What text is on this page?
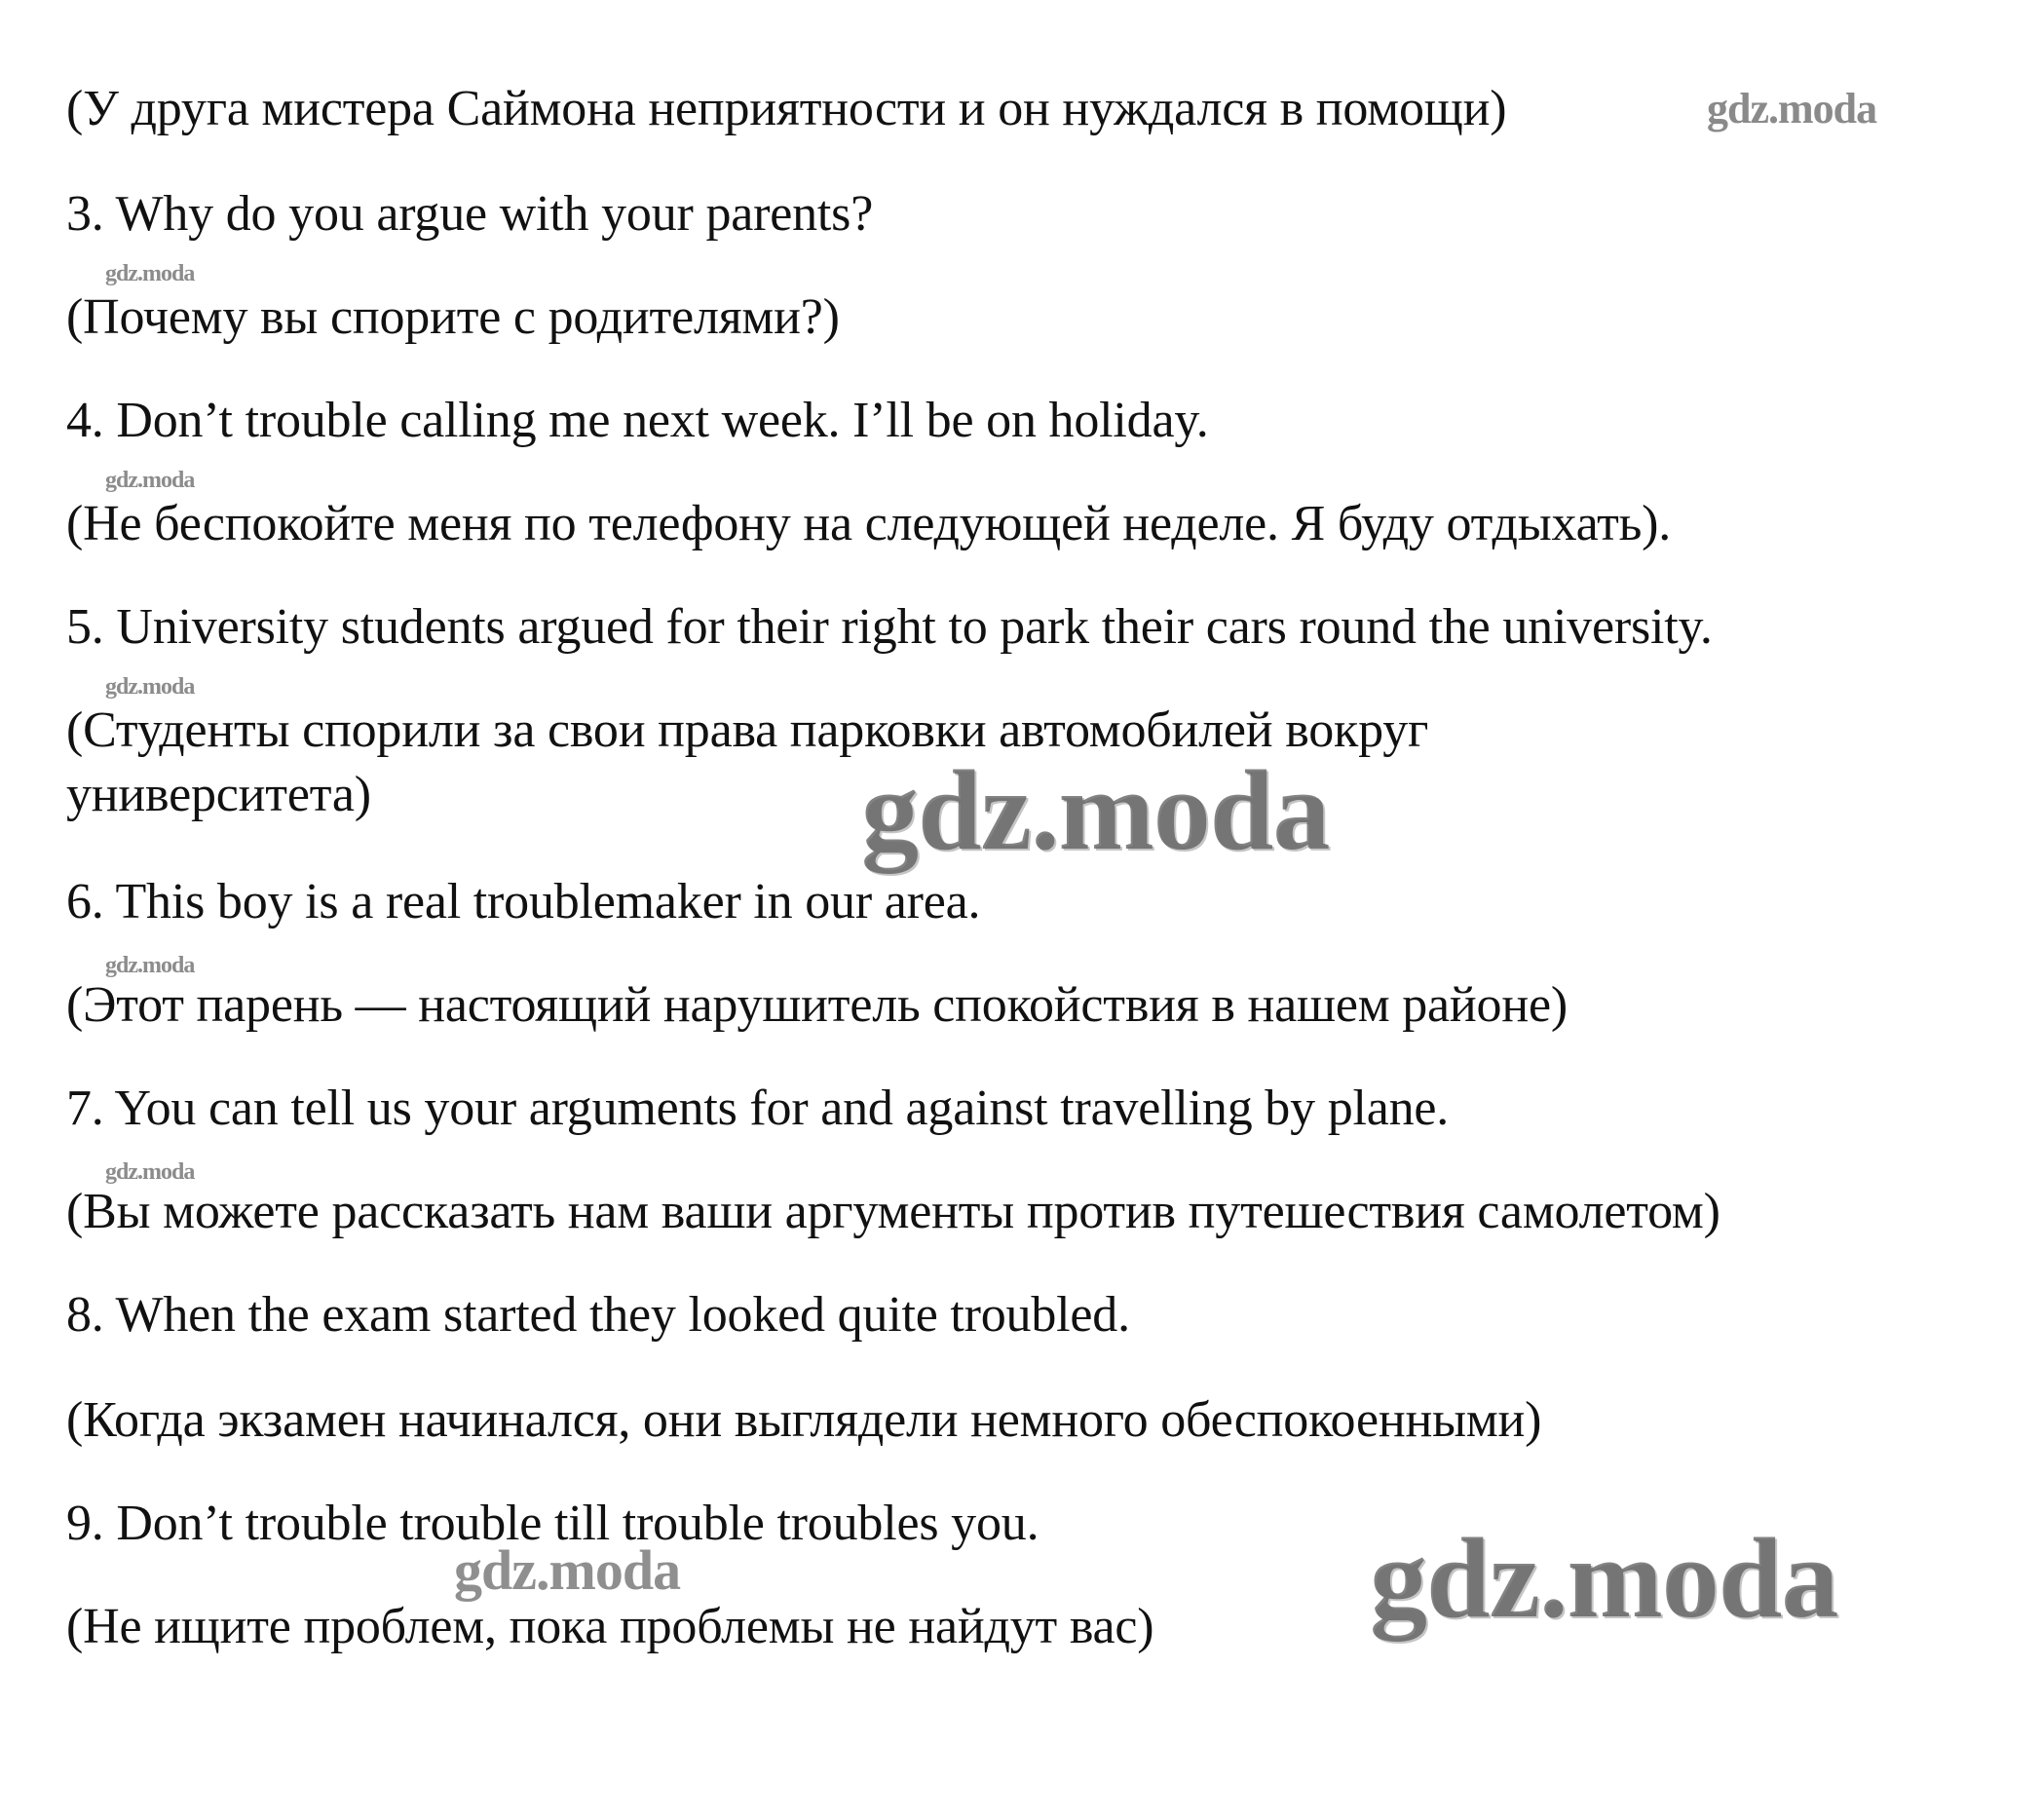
(У друга мистера Саймона неприятности и он нуждался в помощи)
3. Why do you argue with your parents?
(Почему вы спорите с родителями?)
4. Don’t trouble calling me next week. I’ll be on holiday.
(Не беспокойте меня по телефону на следующей неделе. Я буду отдыхать).
5. University students argued for their right to park their cars round the university.
(Студенты спорили за свои права парковки автомобилей вокруг
университета)
6. This boy is a real troublemaker in our area.
(Этот парень — настоящий нарушитель спокойствия в нашем районе)
7. You can tell us your arguments for and against travelling by plane.
(Вы можете рассказать нам ваши аргументы против путешествия самолетом)
8. When the exam started they looked quite troubled.
(Когда экзамен начинался, они выглядели немного обеспокоенными)
9. Don’t trouble trouble till trouble troubles you.
(Не ищите проблем, пока проблемы не найдут вас)
gdz.moda
gdz.moda
gdz.moda
gdz.moda
gdz.moda
gdz.moda
gdz.moda
gdz.moda
gdz.moda
